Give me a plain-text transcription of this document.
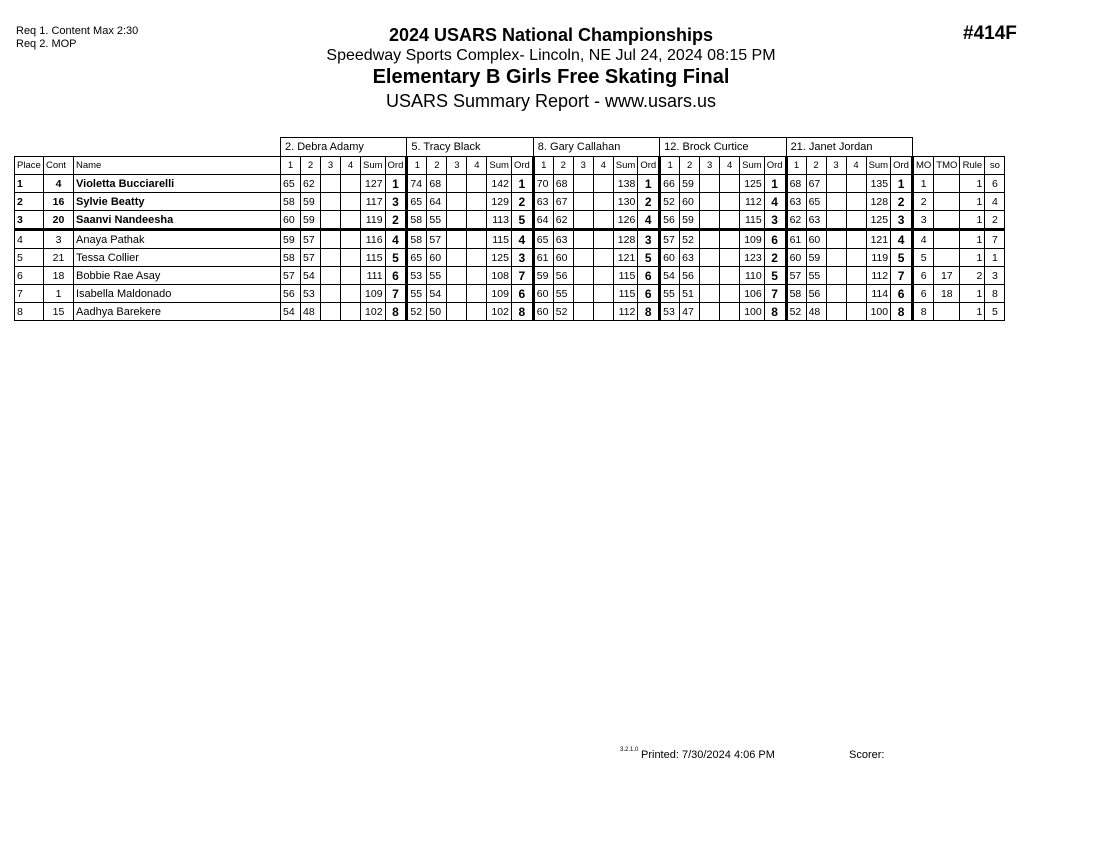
Req 1. Content Max 2:30
Req 2. MOP	#414F
2024 USARS National Championships
Speedway Sports Complex- Lincoln, NE Jul 24, 2024 08:15 PM
Elementary B Girls Free Skating Final
USARS Summary Report - www.usars.us
			2. Debra Adamy						5. Tracy Black						8. Gary Callahan						12. Brock Curtice						21. Janet Jordan									
Place	Cont	Name	1	2	3	4	Sum	Ord	1	2	3	4	Sum	Ord	1	2	3	4	Sum	Ord	1	2	3	4	Sum	Ord	1	2	3	4	Sum	Ord	MO	TMO	Rule	so
1	4	Violetta Bucciarelli	65	62			127	1	74	68			142	1	70	68			138	1	66	59			125	1	68	67			135	1	1		1	6
2	16	Sylvie Beatty	58	59			117	3	65	64			129	2	63	67			130	2	52	60			112	4	63	65			128	2	2		1	4
3	20	Saanvi Nandeesha	60	59			119	2	58	55			113	5	64	62			126	4	56	59			115	3	62	63			125	3	3		1	2
4	3	Anaya Pathak	59	57			116	4	58	57			115	4	65	63			128	3	57	52			109	6	61	60			121	4	4		1	7
5	21	Tessa Collier	58	57			115	5	65	60			125	3	61	60			121	5	60	63			123	2	60	59			119	5	5		1	1
6	18	Bobbie Rae Asay	57	54			111	6	53	55			108	7	59	56			115	6	54	56			110	5	57	55			112	7	6	17	2	3
7	1	Isabella Maldonado	56	53			109	7	55	54			109	6	60	55			115	6	55	51			106	7	58	56			114	6	6	18	1	8
8	15	Aadhya Barekere	54	48			102	8	52	50			102	8	60	52			112	8	53	47			100	8	52	48			100	8	8		1	5
3.2.1.0 Printed: 7/30/2024 4:06 PM	Scorer:
